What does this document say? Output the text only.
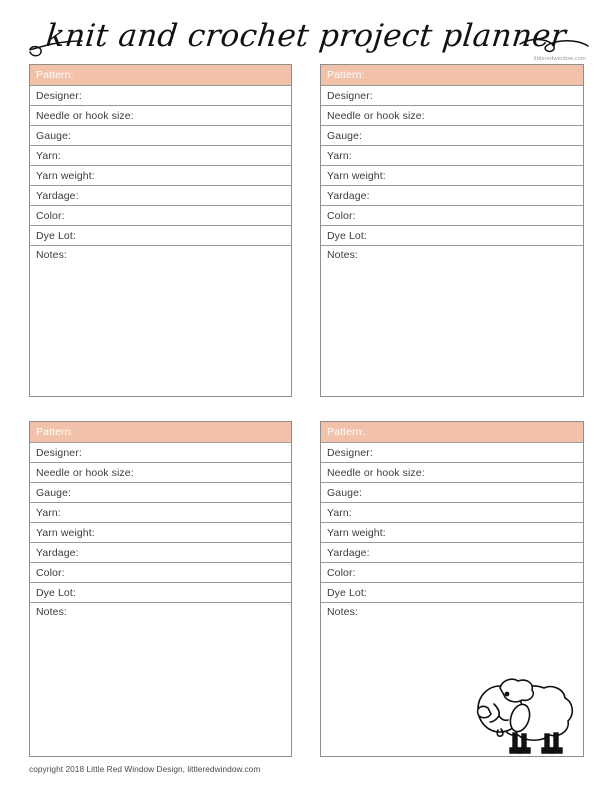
knit and crochet project planner
littleredwindow.com
Pattern:
Designer:
Needle or hook size:
Gauge:
Yarn:
Yarn weight:
Yardage:
Color:
Dye Lot:
Notes:
Pattern:
Designer:
Needle or hook size:
Gauge:
Yarn:
Yarn weight:
Yardage:
Color:
Dye Lot:
Notes:
Pattern:
Designer:
Needle or hook size:
Gauge:
Yarn:
Yarn weight:
Yardage:
Color:
Dye Lot:
Notes:
Pattern:
Designer:
Needle or hook size:
Gauge:
Yarn:
Yarn weight:
Yardage:
Color:
Dye Lot:
Notes:
copyright 2018 Little Red Window Design, littleredwindow.com
